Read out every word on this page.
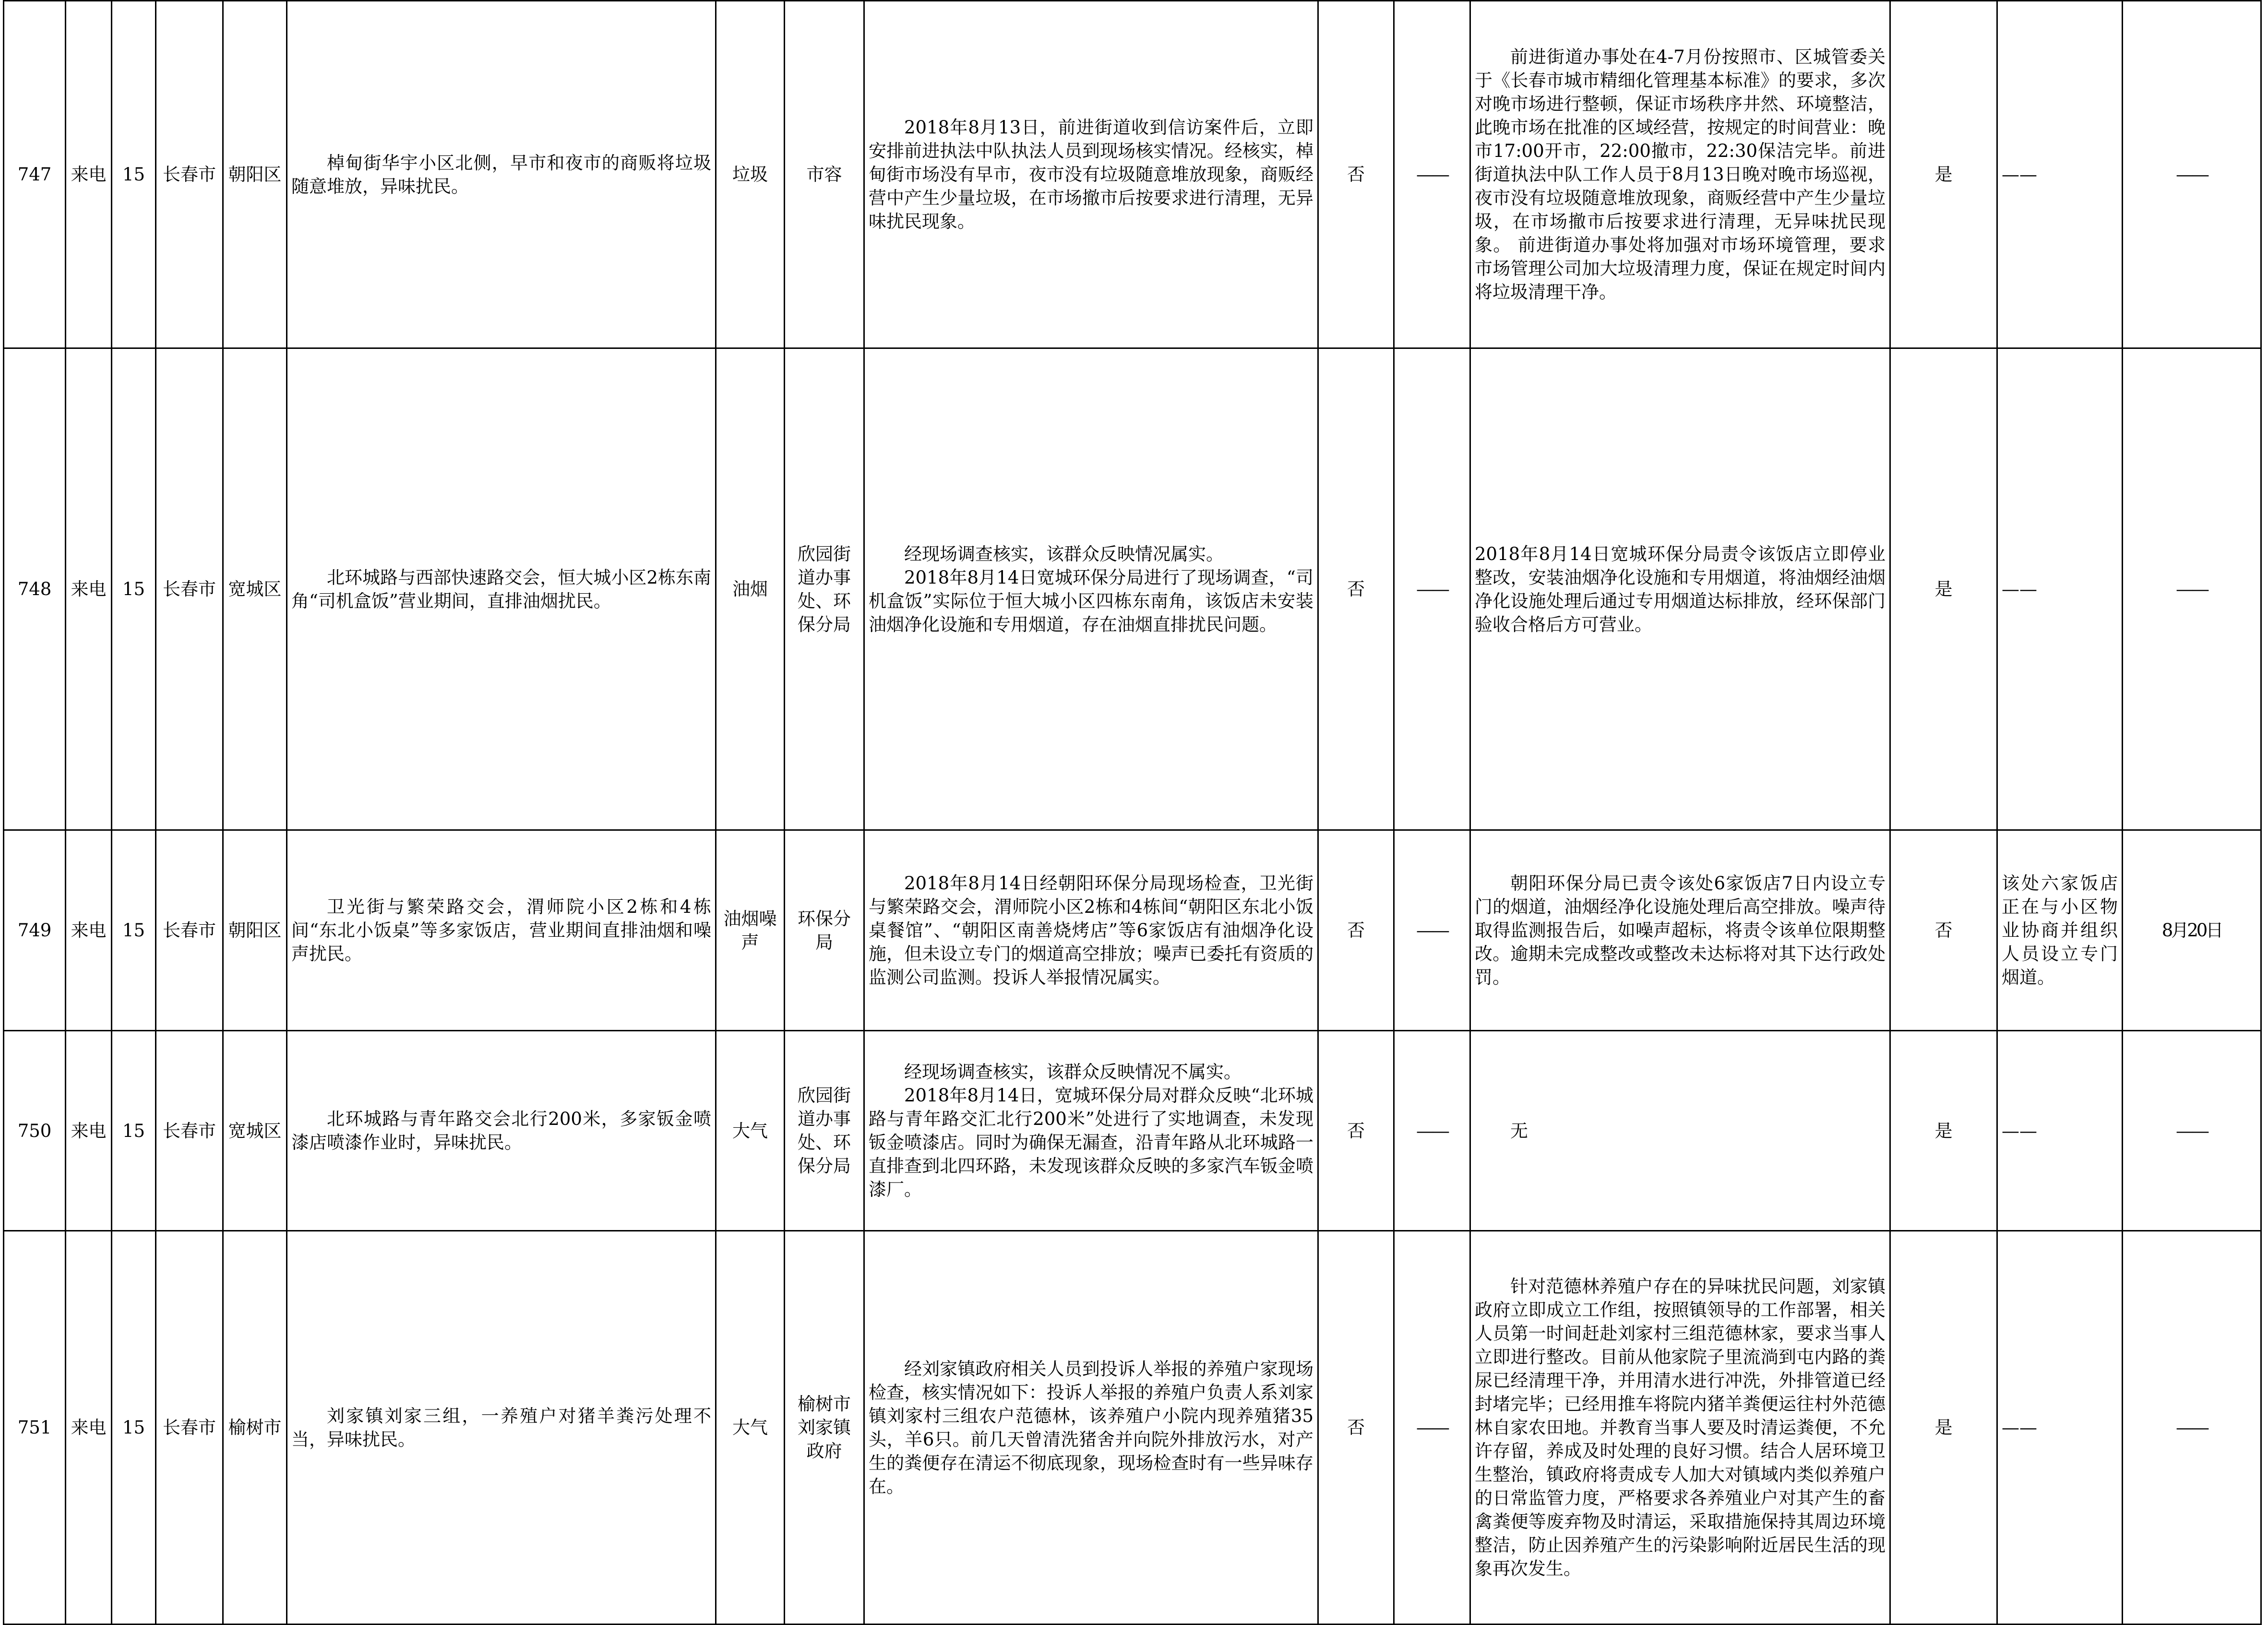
747	来电	15	长春市	朝阳区	棹甸街华宇小区北侧，早市和夜市的商贩将垃圾随意堆放，异味扰民。	垃圾	市容	2018年8月13日，前进街道收到信访案件后，立即安排前进执法中队执法人员到现场核实情况。经核实，棹甸街市场没有早市，夜市没有垃圾随意堆放现象，商贩经营中产生少量垃圾，在市场撤市后按要求进行清理，无异味扰民现象。	否	——	前进街道办事处在4-7月份按照市、区城管委关于《长春市城市精细化管理基本标准》的要求，多次对晚市场进行整顿，保证市场秩序井然、环境整洁，此晚市场在批准的区域经营，按规定的时间营业：晚市17:00开市，22:00撤市，22:30保洁完毕。前进街道执法中队工作人员于8月13日晚对晚市场巡视，夜市没有垃圾随意堆放现象，商贩经营中产生少量垃圾，在市场撤市后按要求进行清理，无异味扰民现象。 前进街道办事处将加强对市场环境管理，要求市场管理公司加大垃圾清理力度，保证在规定时间内将垃圾清理干净。	是	——	——
748	来电	15	长春市	宽城区	北环城路与西部快速路交会，恒大城小区2栋东南角“司机盒饭”营业期间，直排油烟扰民。	油烟	欣园街道办事处、环保分局	经现场调查核实，该群众反映情况属实。

2018年8月14日宽城环保分局进行了现场调查，“司机盒饭”实际位于恒大城小区四栋东南角，该饭店未安装油烟净化设施和专用烟道，存在油烟直排扰民问题。	否	——	2018年8月14日宽城环保分局责令该饭店立即停业整改，安装油烟净化设施和专用烟道，将油烟经油烟净化设施处理后通过专用烟道达标排放，经环保部门验收合格后方可营业。	是	——	——
749	来电	15	长春市	朝阳区	卫光街与繁荣路交会，渭师院小区2栋和4栋间“东北小饭桌”等多家饭店，营业期间直排油烟和噪声扰民。	油烟噪声	环保分局	2018年8月14日经朝阳环保分局现场检查，卫光街与繁荣路交会，渭师院小区2栋和4栋间“朝阳区东北小饭桌餐馆”、“朝阳区南善烧烤店”等6家饭店有油烟净化设施，但未设立专门的烟道高空排放；噪声已委托有资质的监测公司监测。投诉人举报情况属实。	否	——	朝阳环保分局已责令该处6家饭店7日内设立专门的烟道，油烟经净化设施处理后高空排放。噪声待取得监测报告后，如噪声超标，将责令该单位限期整改。逾期未完成整改或整改未达标将对其下达行政处罚。	否	该处六家饭店正在与小区物业协商并组织人员设立专门烟道。	8月20日
750	来电	15	长春市	宽城区	北环城路与青年路交会北行200米，多家钣金喷漆店喷漆作业时，异味扰民。	大气	欣园街道办事处、环保分局	经现场调查核实，该群众反映情况不属实。

2018年8月14日，宽城环保分局对群众反映“北环城路与青年路交汇北行200米”处进行了实地调查，未发现钣金喷漆店。同时为确保无漏查，沿青年路从北环城路一直排查到北四环路，未发现该群众反映的多家汽车钣金喷漆厂。	否	——	无	是	——	——
751	来电	15	长春市	榆树市	刘家镇刘家三组，一养殖户对猪羊粪污处理不当，异味扰民。	大气	榆树市刘家镇政府	经刘家镇政府相关人员到投诉人举报的养殖户家现场检查，核实情况如下：投诉人举报的养殖户负责人系刘家镇刘家村三组农户范德林，该养殖户小院内现养殖猪35头，羊6只。前几天曾清洗猪舍并向院外排放污水，对产生的粪便存在清运不彻底现象，现场检查时有一些异味存在。	否	——	针对范德林养殖户存在的异味扰民问题，刘家镇政府立即成立工作组，按照镇领导的工作部署，相关人员第一时间赶赴刘家村三组范德林家，要求当事人立即进行整改。目前从他家院子里流淌到屯内路的粪尿已经清理干净，并用清水进行冲洗，外排管道已经封堵完毕；已经用推车将院内猪羊粪便运往村外范德林自家农田地。并教育当事人要及时清运粪便，不允许存留，养成及时处理的良好习惯。结合人居环境卫生整治，镇政府将责成专人加大对镇域内类似养殖户的日常监管力度，严格要求各养殖业户对其产生的畜禽粪便等废弃物及时清运，采取措施保持其周边环境整洁，防止因养殖产生的污染影响附近居民生活的现象再次发生。	是	——	——
